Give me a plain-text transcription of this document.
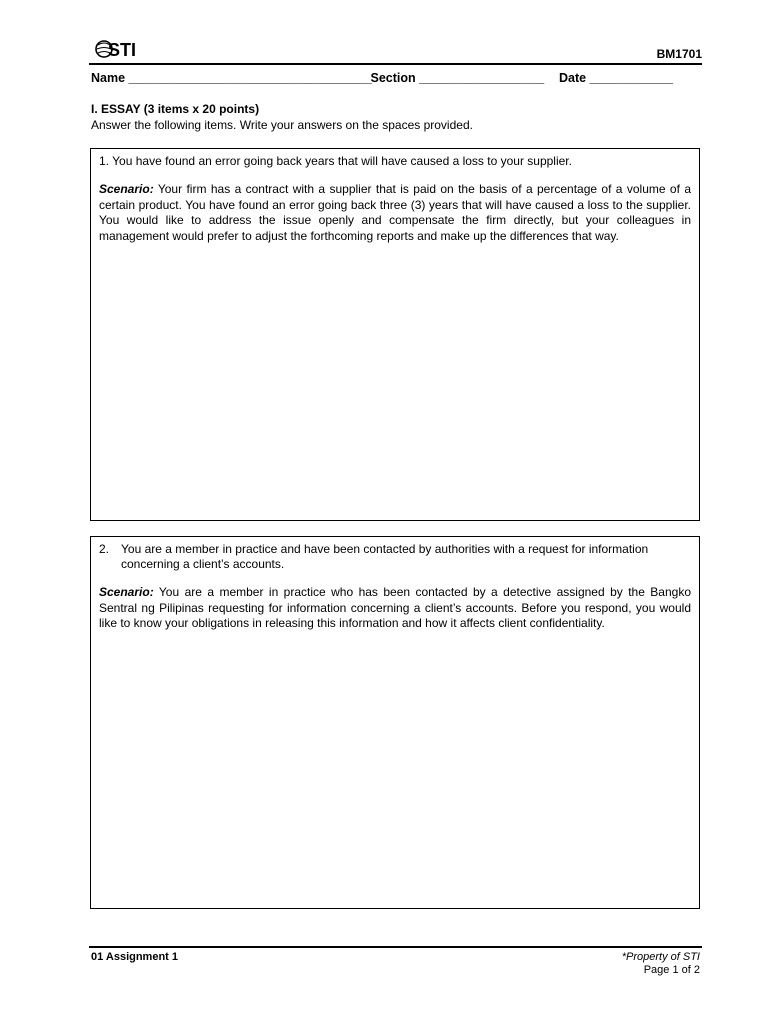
STI	BM1701
Name ___________________________________ Section __________________ Date ____________
I. ESSAY (3 items x 20 points)
Answer the following items. Write your answers on the spaces provided.
1. You have found an error going back years that will have caused a loss to your supplier.
Scenario: Your firm has a contract with a supplier that is paid on the basis of a percentage of a volume of a certain product. You have found an error going back three (3) years that will have caused a loss to the supplier. You would like to address the issue openly and compensate the firm directly, but your colleagues in management would prefer to adjust the forthcoming reports and make up the differences that way.
2. You are a member in practice and have been contacted by authorities with a request for information concerning a client’s accounts.
Scenario: You are a member in practice who has been contacted by a detective assigned by the Bangko Sentral ng Pilipinas requesting for information concerning a client’s accounts. Before you respond, you would like to know your obligations in releasing this information and how it affects client confidentiality.
01 Assignment 1	*Property of STI
Page 1 of 2
